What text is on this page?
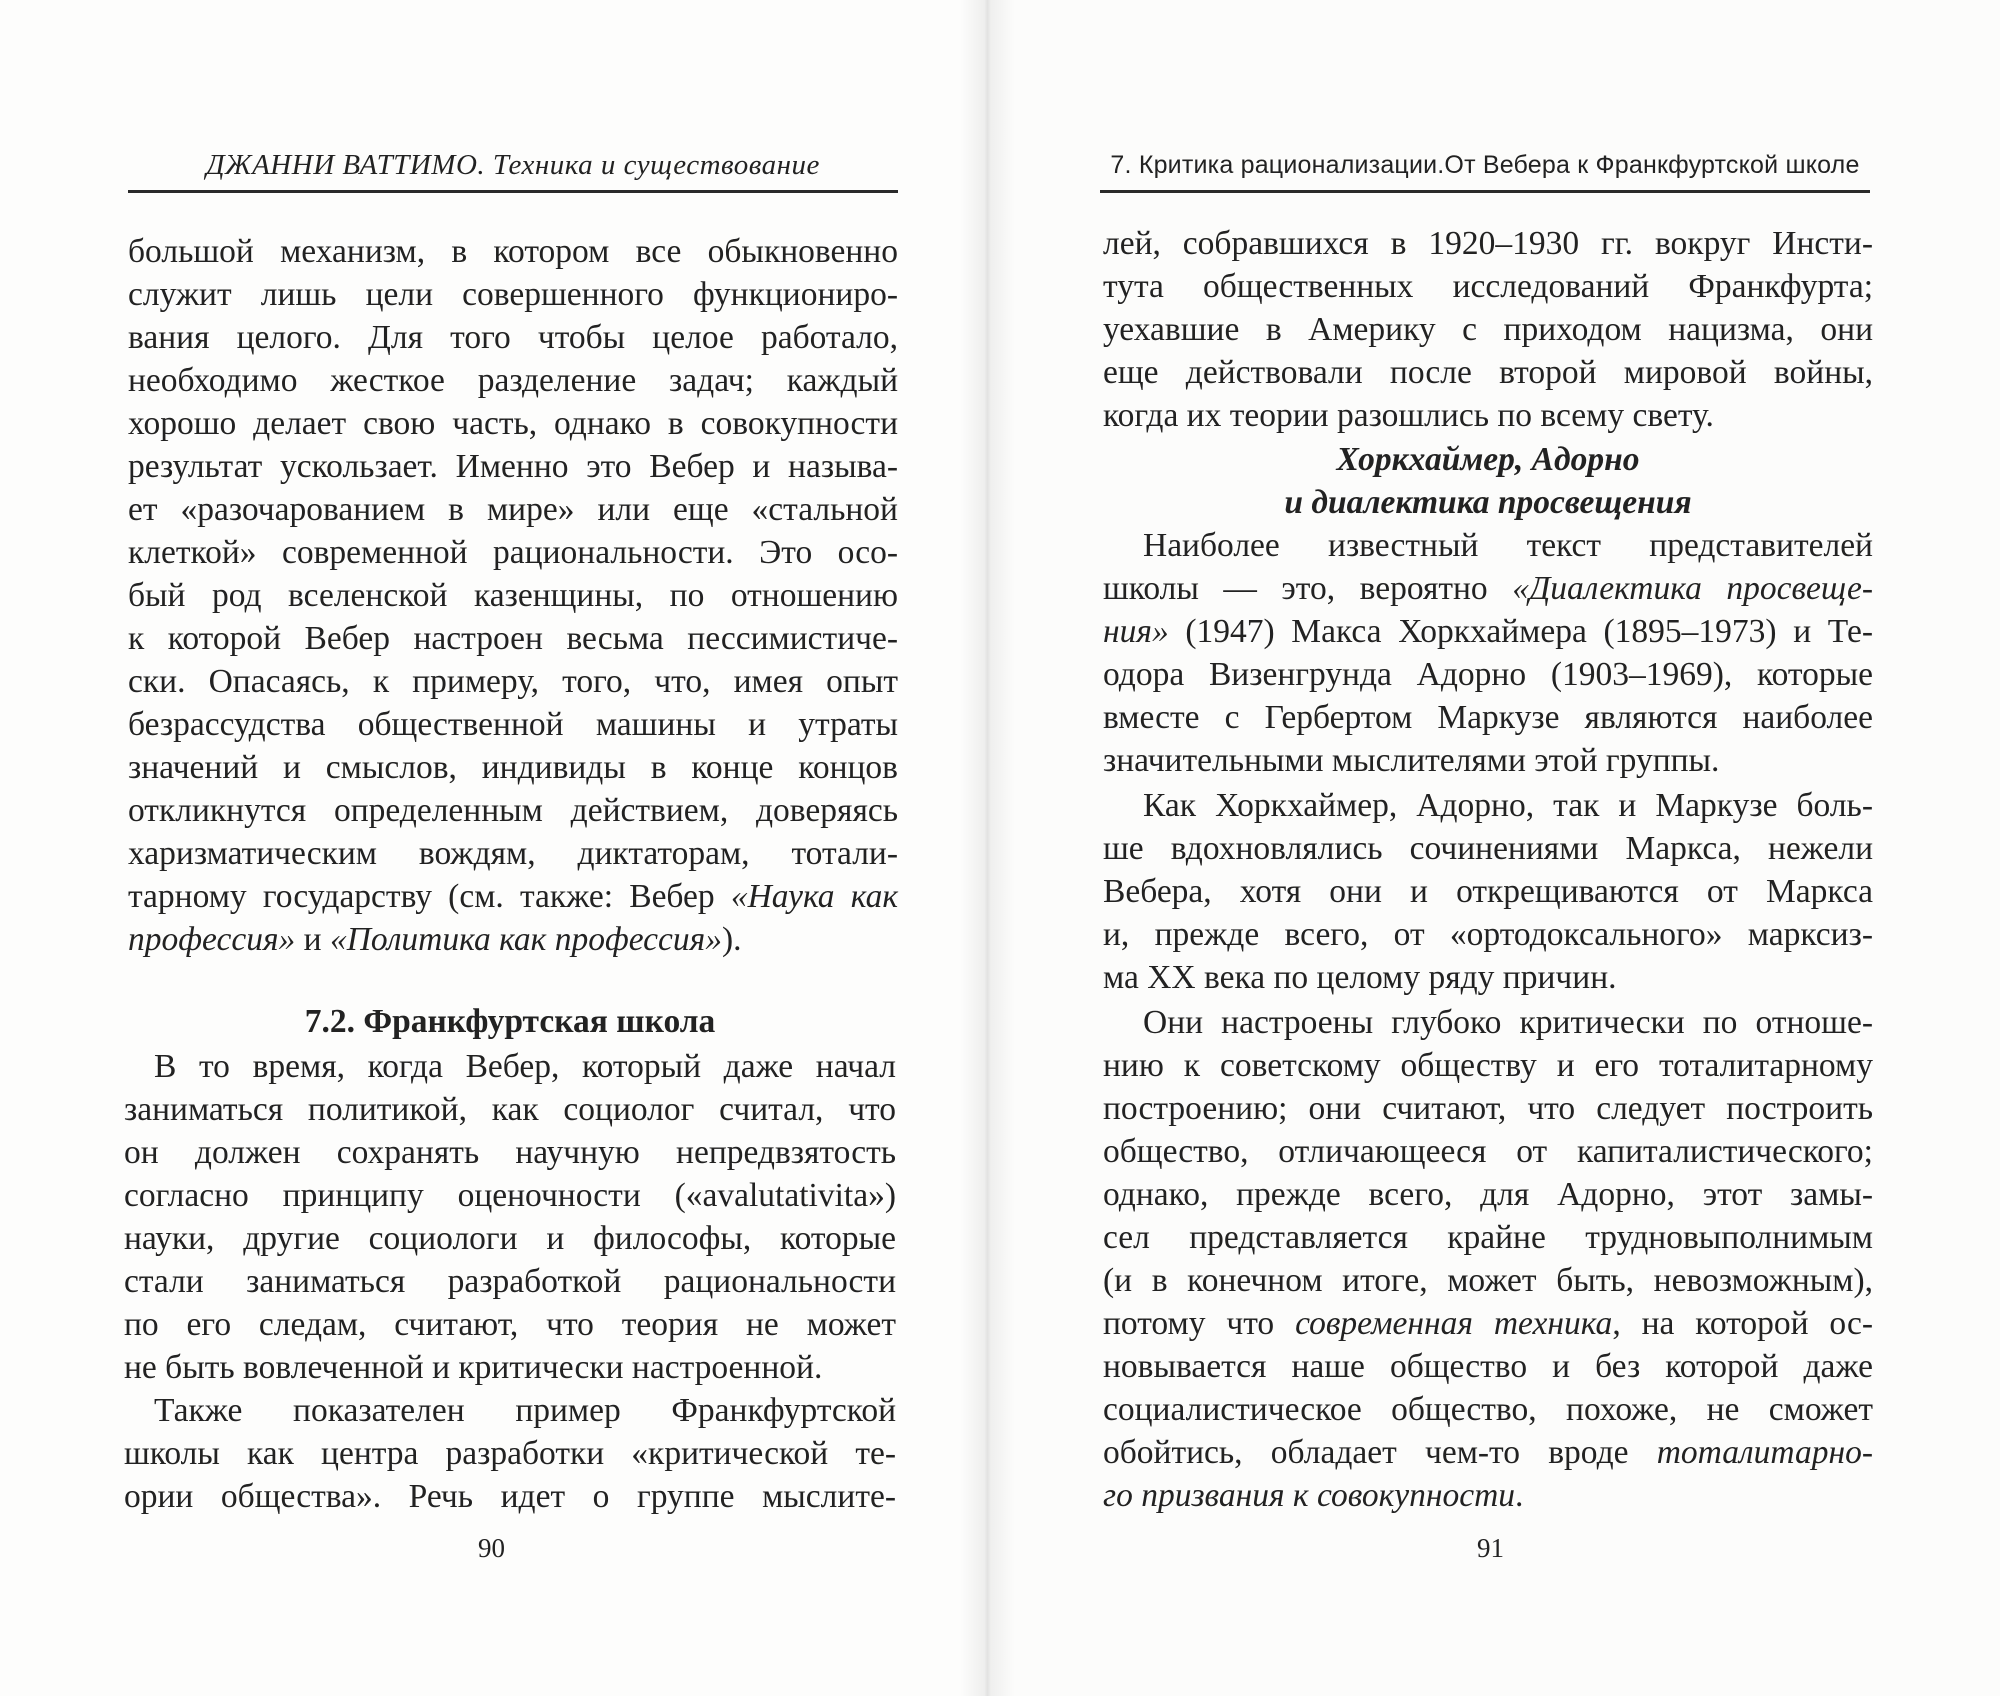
ДЖАННИ ВАТТИМО. Техника и существование
большой механизм, в котором все обыкновенно
служит лишь цели совершенного функциониро-
вания целого. Для того чтобы целое работало,
необходимо жесткое разделение задач; каждый
хорошо делает свою часть, однако в совокупности
результат ускользает. Именно это Вебер и называ-
ет «разочарованием в мире» или еще «стальной
клеткой» современной рациональности. Это осо-
бый род вселенской казенщины, по отношению
к которой Вебер настроен весьма пессимистиче-
ски. Опасаясь, к примеру, того, что, имея опыт
безрассудства общественной машины и утраты
значений и смыслов, индивиды в конце концов
откликнутся определенным действием, доверяясь
харизматическим вождям, диктаторам, тотали-
тарному государству (см. также: Вебер «Наука как
профессия» и «Политика как профессия»).
7.2. Франкфуртская школа
В то время, когда Вебер, который даже начал
заниматься политикой, как социолог считал, что
он должен сохранять научную непредвзятость
согласно принципу оценочности («avalutativitа»)
науки, другие социологи и философы, которые
стали заниматься разработкой рациональности
по его следам, считают, что теория не может
не быть вовлеченной и критически настроенной.
Также показателен пример Франкфуртской
школы как центра разработки «критической те-
ории общества». Речь идет о группе мыслите-
90
7. Критика рационализации.От Вебера к Франкфуртской школе
лей, собравшихся в 1920–1930 гг. вокруг Инсти-
тута общественных исследований Франкфурта;
уехавшие в Америку с приходом нацизма, они
еще действовали после второй мировой войны,
когда их теории разошлись по всему свету.
Хоркхаймер, Адорно
и диалектика просвещения
Наиболее известный текст представителей
школы — это, вероятно «Диалектика просвеще-
ния» (1947) Макса Хоркхаймера (1895–1973) и Те-
одора Визенгрунда Адорно (1903–1969), которые
вместе с Гербертом Маркузе являются наиболее
значительными мыслителями этой группы.
Как Хоркхаймер, Адорно, так и Маркузе боль-
ше вдохновлялись сочинениями Маркса, нежели
Вебера, хотя они и открещиваются от Маркса
и, прежде всего, от «ортодоксального» марксиз-
ма XX века по целому ряду причин.
Они настроены глубоко критически по отноше-
нию к советскому обществу и его тоталитарному
построению; они считают, что следует построить
общество, отличающееся от капиталистического;
однако, прежде всего, для Адорно, этот замы-
сел представляется крайне трудновыполнимым
(и в конечном итоге, может быть, невозможным),
потому что современная техника, на которой ос-
новывается наше общество и без которой даже
социалистическое общество, похоже, не сможет
обойтись, обладает чем-то вроде тоталитарно-
го призвания к совокупности.
91
